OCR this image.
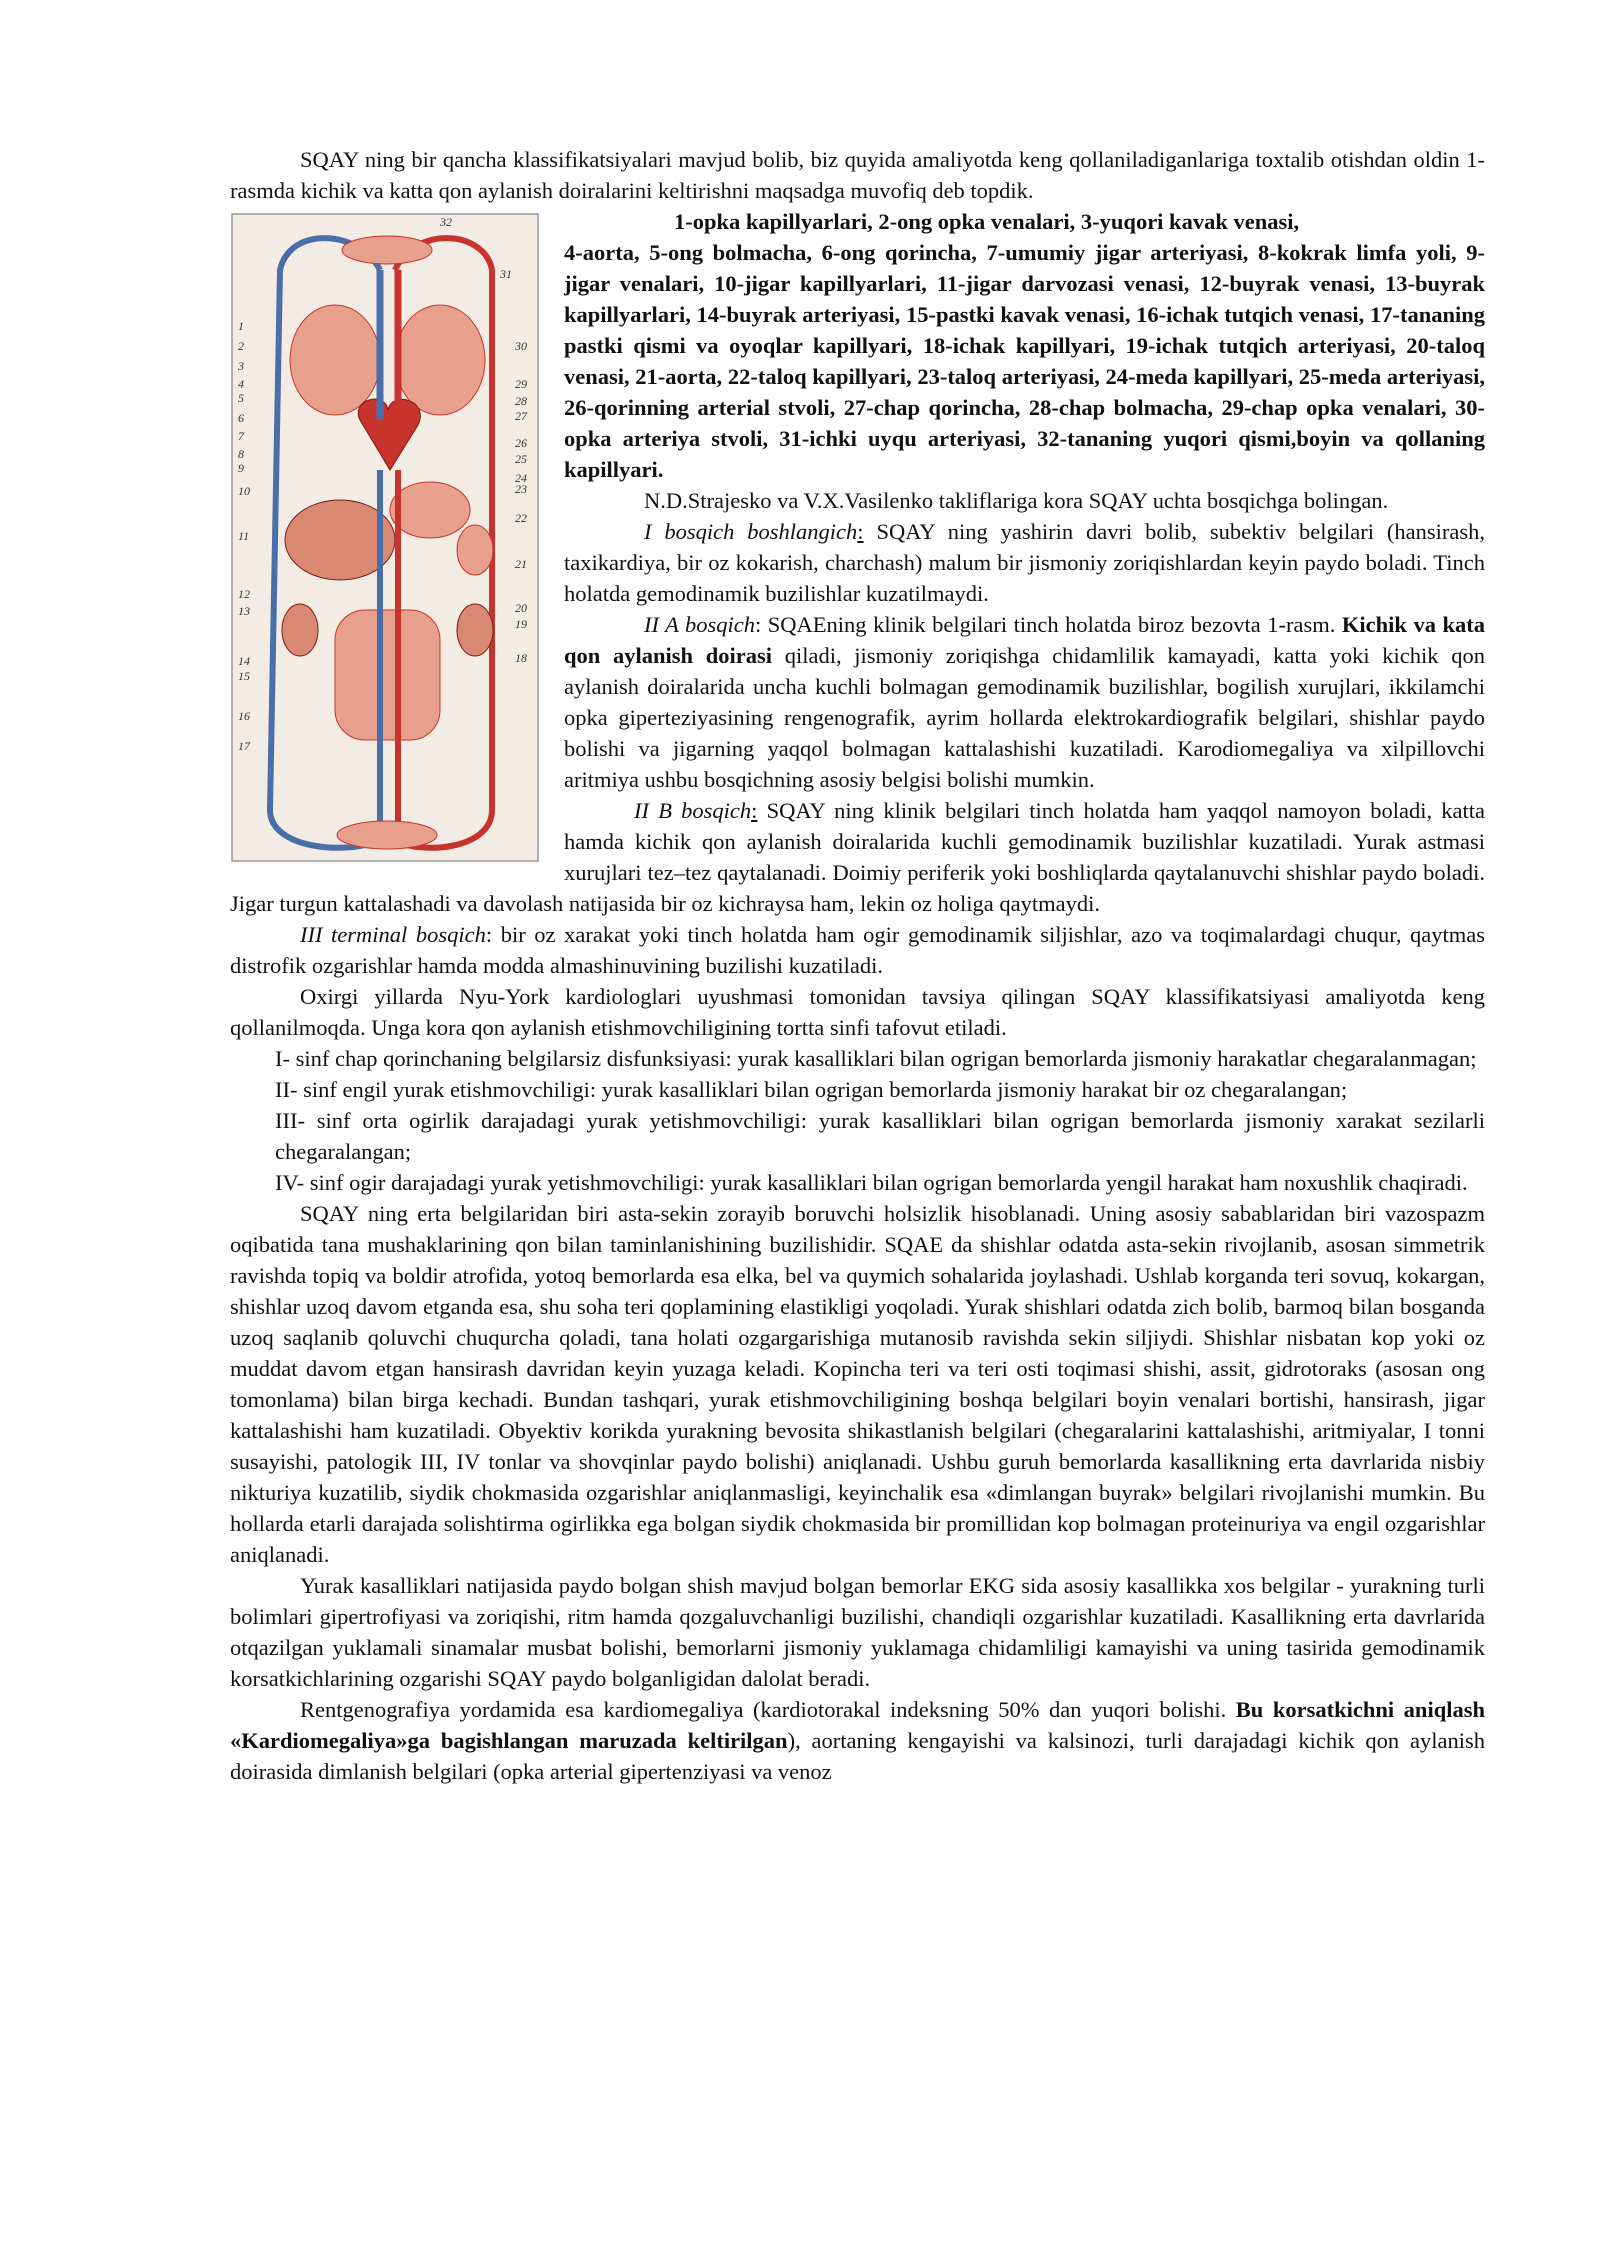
SQAY ning bir qancha klassifikatsiyalari mavjud bolib, biz quyida amaliyotda keng qollaniladiganlariga toxtalib otishdan oldin 1-rasmda kichik va katta qon aylanish doiralarini keltirishni maqsadga muvofiq deb topdik.

1
2
3
4
5
6
7
8
9
10
11
12
13
14
15
16
17
18
19
20
21
22
23
24
25
26
27
28
29
30
31
32	1-opka kapillyarlari, 2-ong opka venalari, 3-yuqori kavak venasi,
4-aorta, 5-ong bolmacha, 6-ong qorincha, 7-umumiy jigar arteriyasi, 8-kokrak limfa yoli, 9-jigar venalari, 10-jigar kapillyarlari, 11-jigar darvozasi venasi, 12-buyrak venasi, 13-buyrak kapillyarlari, 14-buyrak arteriyasi, 15-pastki kavak venasi, 16-ichak tutqich venasi, 17-tananing pastki qismi va oyoqlar kapillyari, 18-ichak kapillyari, 19-ichak tutqich arteriyasi, 20-taloq venasi, 21-aorta, 22-taloq kapillyari, 23-taloq arteriyasi, 24-meda kapillyari, 25-meda arteriyasi, 26-qorinning arterial stvoli, 27-chap qorincha, 28-chap bolmacha, 29-chap opka venalari, 30-opka arteriya stvoli, 31-ichki uyqu arteriyasi, 32-tananing yuqori qismi,boyin va qollaning kapillyari.

N.D.Strajesko va V.X.Vasilenko takliflariga kora SQAY uchta bosqichga bolingan.

I bosqich boshlangich: SQAY ning yashirin davri bolib, subektiv belgilari (hansirash, taxikardiya, bir oz kokarish, charchash) malum bir jismoniy zoriqishlardan keyin paydo boladi. Tinch holatda gemodinamik buzilishlar kuzatilmaydi.

II A bosqich: SQAEning klinik belgilari tinch holatda biroz bezovta 1-rasm. Kichik va kata qon aylanish doirasi qiladi, jismoniy zoriqishga chidamlilik kamayadi, katta yoki kichik qon aylanish doiralarida uncha kuchli bolmagan gemodinamik buzilishlar, bogilish xurujlari, ikkilamchi opka giperteziyasining rengenografik, ayrim hollarda elektrokardiografik belgilari, shishlar paydo bolishi va jigarning yaqqol bolmagan kattalashishi kuzatiladi. Karodiomegaliya va xilpillovchi aritmiya ushbu bosqichning asosiy belgisi bolishi mumkin.

II B bosqich: SQAY ning klinik belgilari tinch holatda ham yaqqol namoyon boladi, katta hamda kichik qon aylanish doiralarida kuchli gemodinamik buzilishlar kuzatiladi. Yurak astmasi xurujlari tez–tez qaytalanadi. Doimiy periferik yoki boshliqlarda qaytalanuvchi shishlar paydo boladi. Jigar turgun kattalashadi va davolash natijasida bir oz kichraysa ham, lekin oz holiga qaytmaydi.

III terminal bosqich: bir oz xarakat yoki tinch holatda ham ogir gemodinamik siljishlar, azo va toqimalardagi chuqur, qaytmas distrofik ozgarishlar hamda modda almashinuvining buzilishi kuzatiladi.

Oxirgi yillarda Nyu-York kardiologlari uyushmasi tomonidan tavsiya qilingan SQAY klassifikatsiyasi amaliyotda keng qollanilmoqda. Unga kora qon aylanish etishmovchiligining tortta sinfi tafovut etiladi.

I- sinf chap qorinchaning belgilarsiz disfunksiyasi: yurak kasalliklari bilan ogrigan bemorlarda jismoniy harakatlar chegaralanmagan;

II- sinf engil yurak etishmovchiligi: yurak kasalliklari bilan ogrigan bemorlarda jismoniy harakat bir oz chegaralangan;

III- sinf orta ogirlik darajadagi yurak yetishmovchiligi: yurak kasalliklari bilan ogrigan bemorlarda jismoniy xarakat sezilarli chegaralangan;

IV- sinf ogir darajadagi yurak yetishmovchiligi: yurak kasalliklari bilan ogrigan bemorlarda yengil harakat ham noxushlik chaqiradi.

SQAY ning erta belgilaridan biri asta-sekin zorayib boruvchi holsizlik hisoblanadi. Uning asosiy sabablaridan biri vazospazm oqibatida tana mushaklarining qon bilan taminlanishining buzilishidir. SQAE da shishlar odatda asta-sekin rivojlanib, asosan simmetrik ravishda topiq va boldir atrofida, yotoq bemorlarda esa elka, bel va quymich sohalarida joylashadi. Ushlab korganda teri sovuq, kokargan, shishlar uzoq davom etganda esa, shu soha teri qoplamining elastikligi yoqoladi. Yurak shishlari odatda zich bolib, barmoq bilan bosganda uzoq saqlanib qoluvchi chuqurcha qoladi, tana holati ozgargarishiga mutanosib ravishda sekin siljiydi. Shishlar nisbatan kop yoki oz muddat davom etgan hansirash davridan keyin yuzaga keladi. Kopincha teri va teri osti toqimasi shishi, assit, gidrotoraks (asosan ong tomonlama) bilan birga kechadi. Bundan tashqari, yurak etishmovchiligining boshqa belgilari boyin venalari bortishi, hansirash, jigar kattalashishi ham kuzatiladi. Obyektiv korikda yurakning bevosita shikastlanish belgilari (chegaralarini kattalashishi, aritmiyalar, I tonni susayishi, patologik III, IV tonlar va shovqinlar paydo bolishi) aniqlanadi. Ushbu guruh bemorlarda kasallikning erta davrlarida nisbiy nikturiya kuzatilib, siydik chokmasida ozgarishlar aniqlanmasligi, keyinchalik esa «dimlangan buyrak» belgilari rivojlanishi mumkin. Bu hollarda etarli darajada solishtirma ogirlikka ega bolgan siydik chokmasida bir promillidan kop bolmagan proteinuriya va engil ozgarishlar aniqlanadi.

Yurak kasalliklari natijasida paydo bolgan shish mavjud bolgan bemorlar EKG sida asosiy kasallikka xos belgilar - yurakning turli bolimlari gipertrofiyasi va zoriqishi, ritm hamda qozgaluvchanligi buzilishi, chandiqli ozgarishlar kuzatiladi. Kasallikning erta davrlarida otqazilgan yuklamali sinamalar musbat bolishi, bemorlarni jismoniy yuklamaga chidamliligi kamayishi va uning tasirida gemodinamik korsatkichlarining ozgarishi SQAY paydo bolganligidan dalolat beradi.

Rentgenografiya yordamida esa kardiomegaliya (kardiotorakal indeksning 50% dan yuqori bolishi. Bu korsatkichni aniqlash «Kardiomegaliya»ga bagishlangan maruzada keltirilgan), aortaning kengayishi va kalsinozi, turli darajadagi kichik qon aylanish doirasida dimlanish belgilari (opka arterial gipertenziyasi va venoz
